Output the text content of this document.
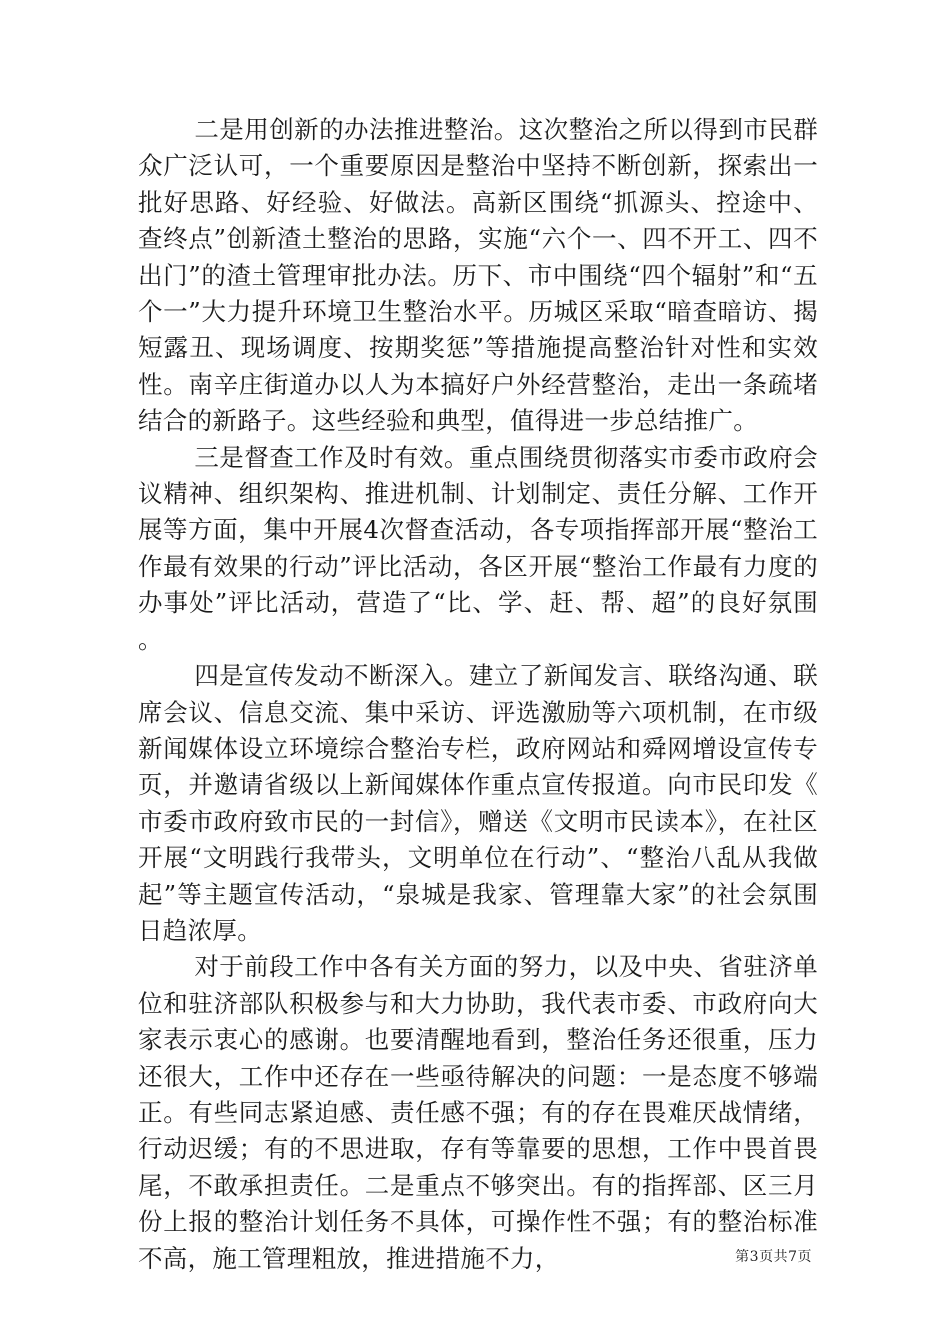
二是用创新的办法推进整治。这次整治之所以得到市民群众广泛认可，一个重要原因是整治中坚持不断创新，探索出一批好思路、好经验、好做法。高新区围绕“抓源头、控途中、查终点”创新渣土整治的思路，实施“六个一、四不开工、四不出门”的渣土管理审批办法。历下、市中围绕“四个辐射”和“五个一”大力提升环境卫生整治水平。历城区采取“暗查暗访、揭短露丑、现场调度、按期奖惩”等措施提高整治针对性和实效性。南辛庄街道办以人为本搞好户外经营整治，走出一条疏堵结合的新路子。这些经验和典型，值得进一步总结推广。

三是督查工作及时有效。重点围绕贯彻落实市委市政府会议精神、组织架构、推进机制、计划制定、责任分解、工作开展等方面，集中开展4次督查活动，各专项指挥部开展“整治工作最有效果的行动”评比活动，各区开展“整治工作最有力度的办事处”评比活动，营造了“比、学、赶、帮、超”的良好氛围。

四是宣传发动不断深入。建立了新闻发言、联络沟通、联席会议、信息交流、集中采访、评选激励等六项机制，在市级新闻媒体设立环境综合整治专栏，政府网站和舜网增设宣传专页，并邀请省级以上新闻媒体作重点宣传报道。向市民印发《市委市政府致市民的一封信》，赠送《文明市民读本》，在社区开展“文明践行我带头，文明单位在行动”、“整治八乱从我做起”等主题宣传活动，“泉城是我家、管理靠大家”的社会氛围日趋浓厚。

对于前段工作中各有关方面的努力，以及中央、省驻济单位和驻济部队积极参与和大力协助，我代表市委、市政府向大家表示衷心的感谢。也要清醒地看到，整治任务还很重，压力还很大，工作中还存在一些亟待解决的问题：一是态度不够端正。有些同志紧迫感、责任感不强；有的存在畏难厌战情绪，行动迟缓；有的不思进取，存有等靠要的思想，工作中畏首畏尾，不敢承担责任。二是重点不够突出。有的指挥部、区三月份上报的整治计划任务不具体，可操作性不强；有的整治标准不高，施工管理粗放，推进措施不力，	第3页共7页
